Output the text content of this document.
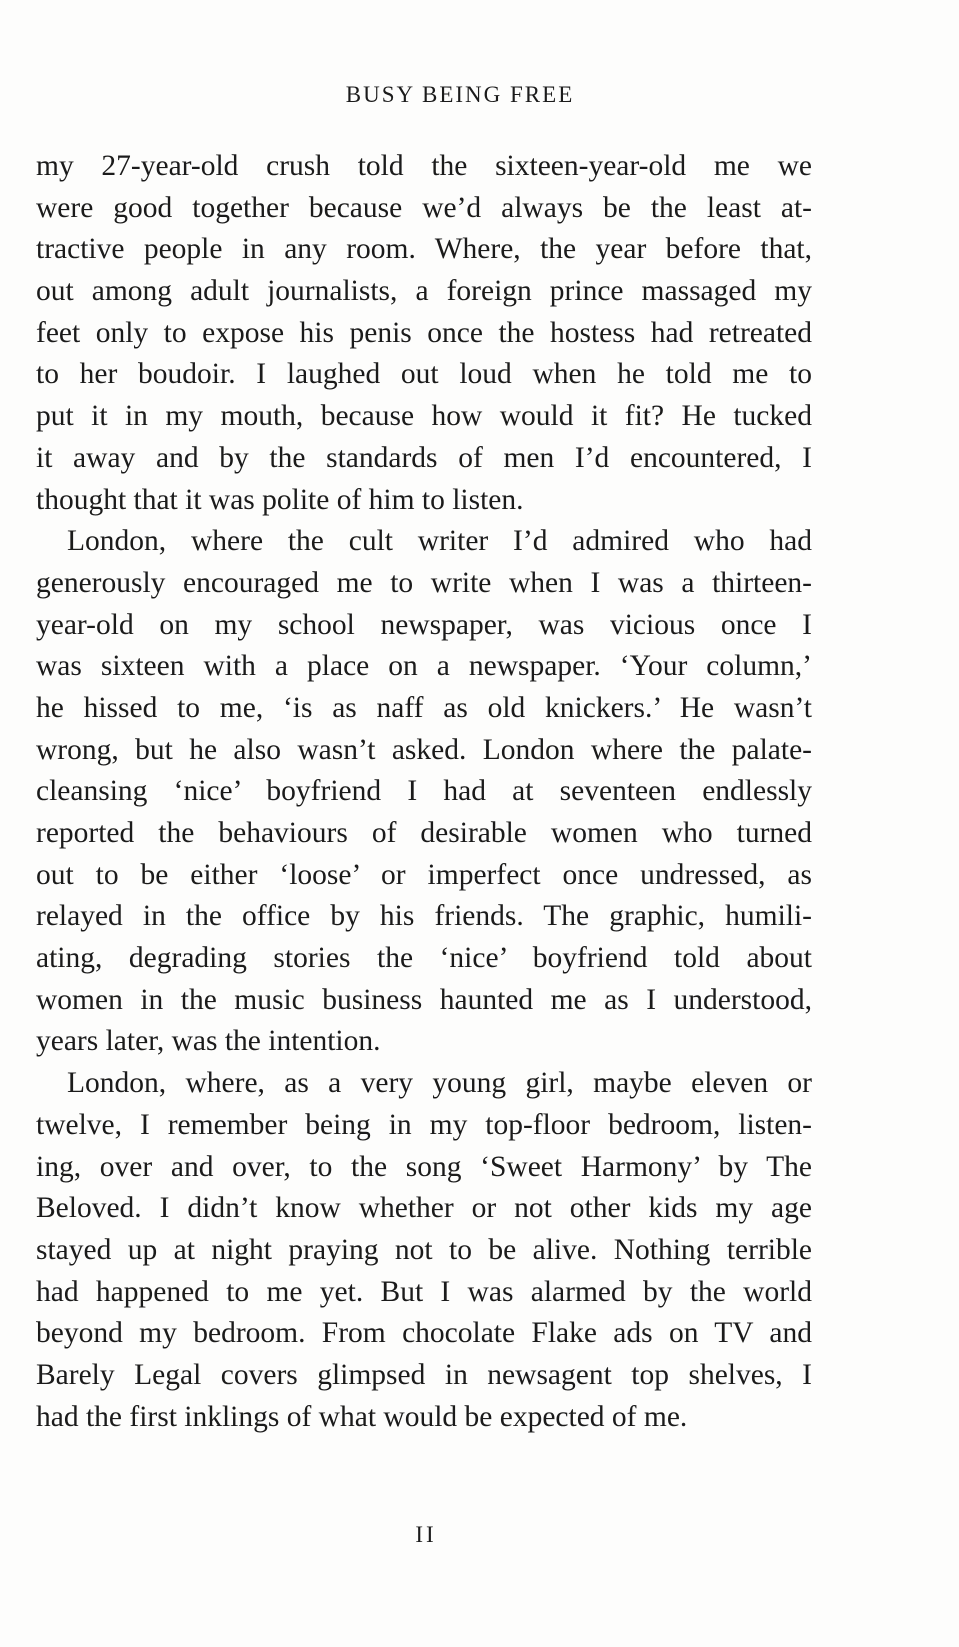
BUSY BEING FREE
my 27-year-old crush told the sixteen-year-old me we
were good together because we’d always be the least at-
tractive people in any room. Where, the year before that,
out among adult journalists, a foreign prince massaged my
feet only to expose his penis once the hostess had retreated
to her boudoir. I laughed out loud when he told me to
put it in my mouth, because how would it fit? He tucked
it away and by the standards of men I’d encountered, I
thought that it was polite of him to listen.
London, where the cult writer I’d admired who had
generously encouraged me to write when I was a thirteen-
year-old on my school newspaper, was vicious once I
was sixteen with a place on a newspaper. ‘Your column,’
he hissed to me, ‘is as naff as old knickers.’ He wasn’t
wrong, but he also wasn’t asked. London where the palate-
cleansing ‘nice’ boyfriend I had at seventeen endlessly
reported the behaviours of desirable women who turned
out to be either ‘loose’ or imperfect once undressed, as
relayed in the office by his friends. The graphic, humili-
ating, degrading stories the ‘nice’ boyfriend told about
women in the music business haunted me as I understood,
years later, was the intention.
London, where, as a very young girl, maybe eleven or
twelve, I remember being in my top-floor bedroom, listen-
ing, over and over, to the song ‘Sweet Harmony’ by The
Beloved. I didn’t know whether or not other kids my age
stayed up at night praying not to be alive. Nothing terrible
had happened to me yet. But I was alarmed by the world
beyond my bedroom. From chocolate Flake ads on TV and
Barely Legal covers glimpsed in newsagent top shelves, I
had the first inklings of what would be expected of me.
II
